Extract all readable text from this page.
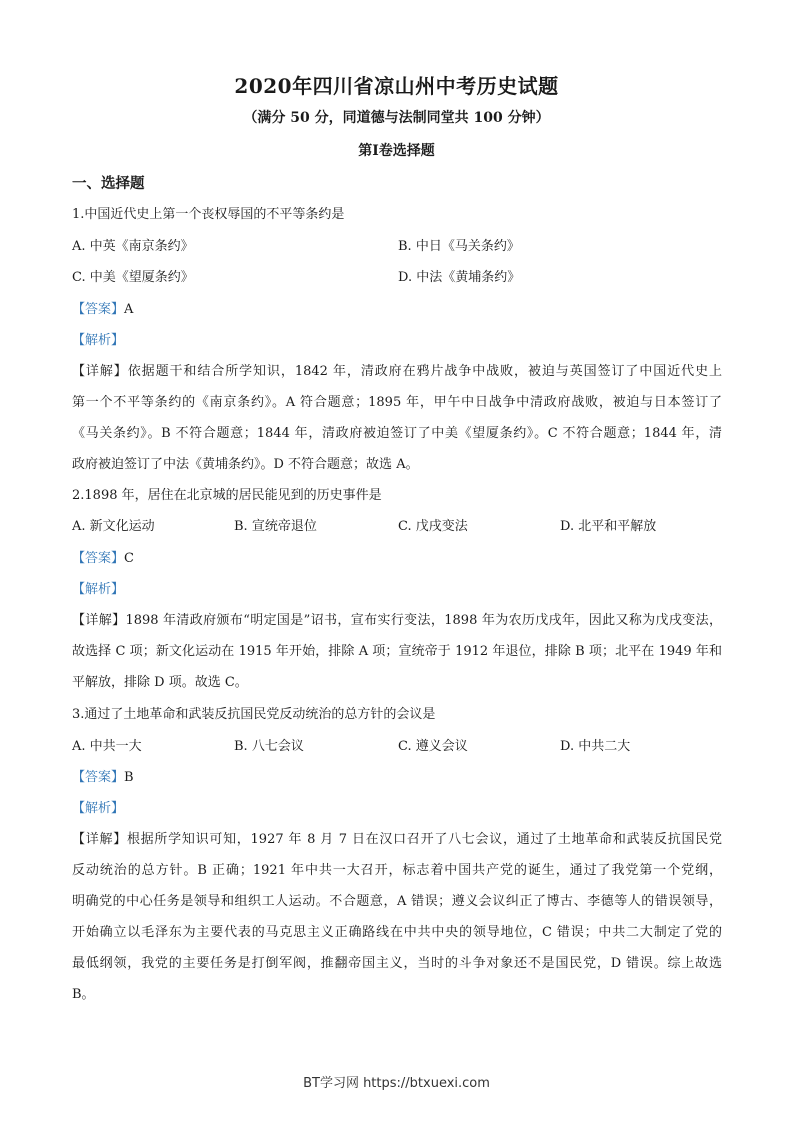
2020年四川省凉山州中考历史试题
（满分 50 分，同道德与法制同堂共 100 分钟）
第Ⅰ卷选择题
一、选择题
1.中国近代史上第一个丧权辱国的不平等条约是
A. 中英《南京条约》	B. 中日《马关条约》
C. 中美《望厦条约》	D. 中法《黄埔条约》
【答案】A
【解析】
【详解】依据题干和结合所学知识，1842 年，清政府在鸦片战争中战败，被迫与英国签订了中国近代史上
第一个不平等条约的《南京条约》。A 符合题意；1895 年，甲午中日战争中清政府战败，被迫与日本签订了
《马关条约》。B 不符合题意；1844 年，清政府被迫签订了中美《望厦条约》。C 不符合题意；1844 年，清
政府被迫签订了中法《黄埔条约》。D 不符合题意；故选 A。
2.1898 年，居住在北京城的居民能见到的历史事件是
A. 新文化运动	B. 宣统帝退位	C. 戊戌变法	D. 北平和平解放
【答案】C
【解析】
【详解】1898 年清政府颁布“明定国是”诏书，宣布实行变法，1898 年为农历戊戌年，因此又称为戊戌变法，
故选择 C 项；新文化运动在 1915 年开始，排除 A 项；宣统帝于 1912 年退位，排除 B 项；北平在 1949 年和
平解放，排除 D 项。故选 C。
3.通过了土地革命和武装反抗国民党反动统治的总方针的会议是
A. 中共一大	B. 八七会议	C. 遵义会议	D. 中共二大
【答案】B
【解析】
【详解】根据所学知识可知，1927 年 8 月 7 日在汉口召开了八七会议，通过了土地革命和武装反抗国民党
反动统治的总方针。B 正确；1921 年中共一大召开，标志着中国共产党的诞生，通过了我党第一个党纲，
明确党的中心任务是领导和组织工人运动。不合题意，A 错误；遵义会议纠正了博古、李德等人的错误领导，
开始确立以毛泽东为主要代表的马克思主义正确路线在中共中央的领导地位，C 错误；中共二大制定了党的
最低纲领，我党的主要任务是打倒军阀，推翻帝国主义，当时的斗争对象还不是国民党，D 错误。综上故选
B。
BT学习网 https://btxuexi.com
